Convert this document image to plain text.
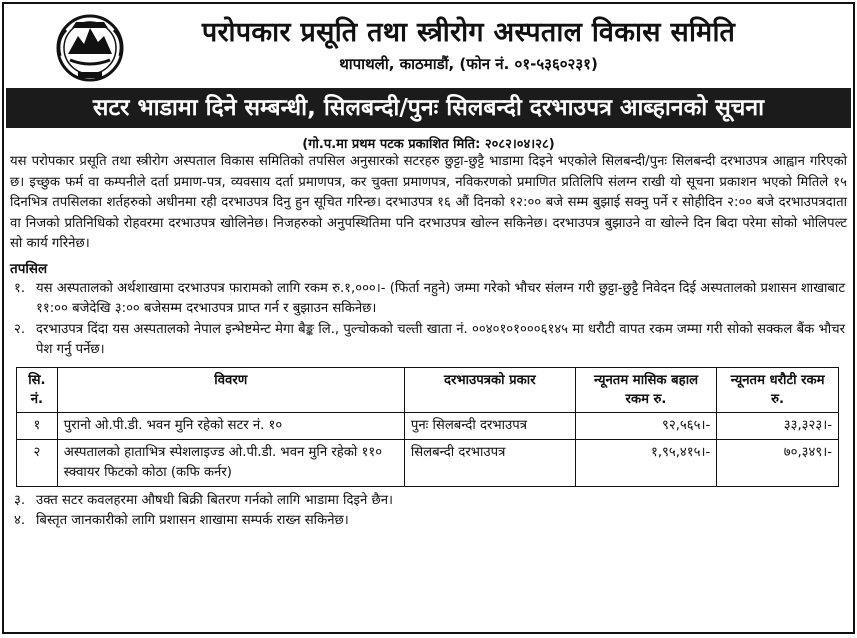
परोपकार प्रसूति तथा स्त्रीरोग अस्पताल विकास समिति
थापाथली, काठमाडौं, (फोन नं. ०१-५३६०२३१)
सटर भाडामा दिने सम्बन्धी, सिलबन्दी/पुनः सिलबन्दी दरभाउपत्र आब्हानको सूचना
(गो.प.मा प्रथम पटक प्रकाशित मिति: २०८२।०४।२८)
यस परोपकार प्रसूति तथा स्त्रीरोग अस्पताल विकास समितिको तपसिल अनुसारको सटरहरु छुट्टा-छुट्टै भाडामा दिइने भएकोले सिलबन्दी/पुनः सिलबन्दी दरभाउपत्र आह्वान गरिएको छ। इच्छुक फर्म वा कम्पनीले दर्ता प्रमाण-पत्र, व्यवसाय दर्ता प्रमाणपत्र, कर चुक्ता प्रमाणपत्र, नविकरणको प्रमाणित प्रतिलिपि संलग्न राखी यो सूचना प्रकाशन भएको मितिले १५ दिनभित्र तपसिलका शर्तहरुको अधीनमा रही दरभाउपत्र दिनु हुन सूचित गरिन्छ। दरभाउपत्र १६ औं दिनको १२:०० बजे सम्म बुझाई सक्नु पर्ने र सोहीदिन २:०० बजे दरभाउपत्रदाता वा निजको प्रतिनिधिको रोहवरमा दरभाउपत्र खोलिनेछ। निजहरुको अनुपस्थितिमा पनि दरभाउपत्र खोल्न सकिनेछ। दरभाउपत्र बुझाउने वा खोल्ने दिन बिदा परेमा सोको भोलिपल्ट सो कार्य गरिनेछ।
तपसिल
१. यस अस्पतालको अर्थशाखामा दरभाउपत्र फारामको लागि रकम रु.१,०००।- (फिर्ता नहुने) जम्मा गरेको भौचर संलग्न गरी छुट्टा-छुट्टै निवेदन दिई अस्पतालको प्रशासन शाखाबाट ११:०० बजेदेखि ३:०० बजेसम्म दरभाउपत्र प्राप्त गर्न र बुझाउन सकिनेछ।
२. दरभाउपत्र दिंदा यस अस्पतालको नेपाल इन्भेष्टमेन्ट मेगा बैङ्क लि., पुल्चोकको चल्ती खाता नं. ००४०१०१०००६१४५ मा धरौटी वापत रकम जम्मा गरी सोको सक्कल बैंक भौचर पेश गर्नु पर्नेछ।
सि. नं.	विवरण	दरभाउपत्रको प्रकार	न्यूनतम मासिक बहाल रकम रु.	न्यूनतम धरौटी रकम रु.
१	पुरानो ओ.पी.डी. भवन मुनि रहेको सटर नं. १०	पुनः सिलबन्दी दरभाउपत्र	९२,५६५।-	३३,३२३।-
२	अस्पतालको हाताभित्र स्पेशलाइज्ड ओ.पी.डी. भवन मुनि रहेको ११० स्क्वायर फिटको कोठा (कफि कर्नर)	सिलबन्दी दरभाउपत्र	१,९५,४१५।-	७०,३४९।-
३. उक्त सटर कवलहरमा औषधी बिक्री बितरण गर्नको लागि भाडामा दिइने छैन।
४. बिस्तृत जानकारीको लागि प्रशासन शाखामा सम्पर्क राख्न सकिनेछ।
